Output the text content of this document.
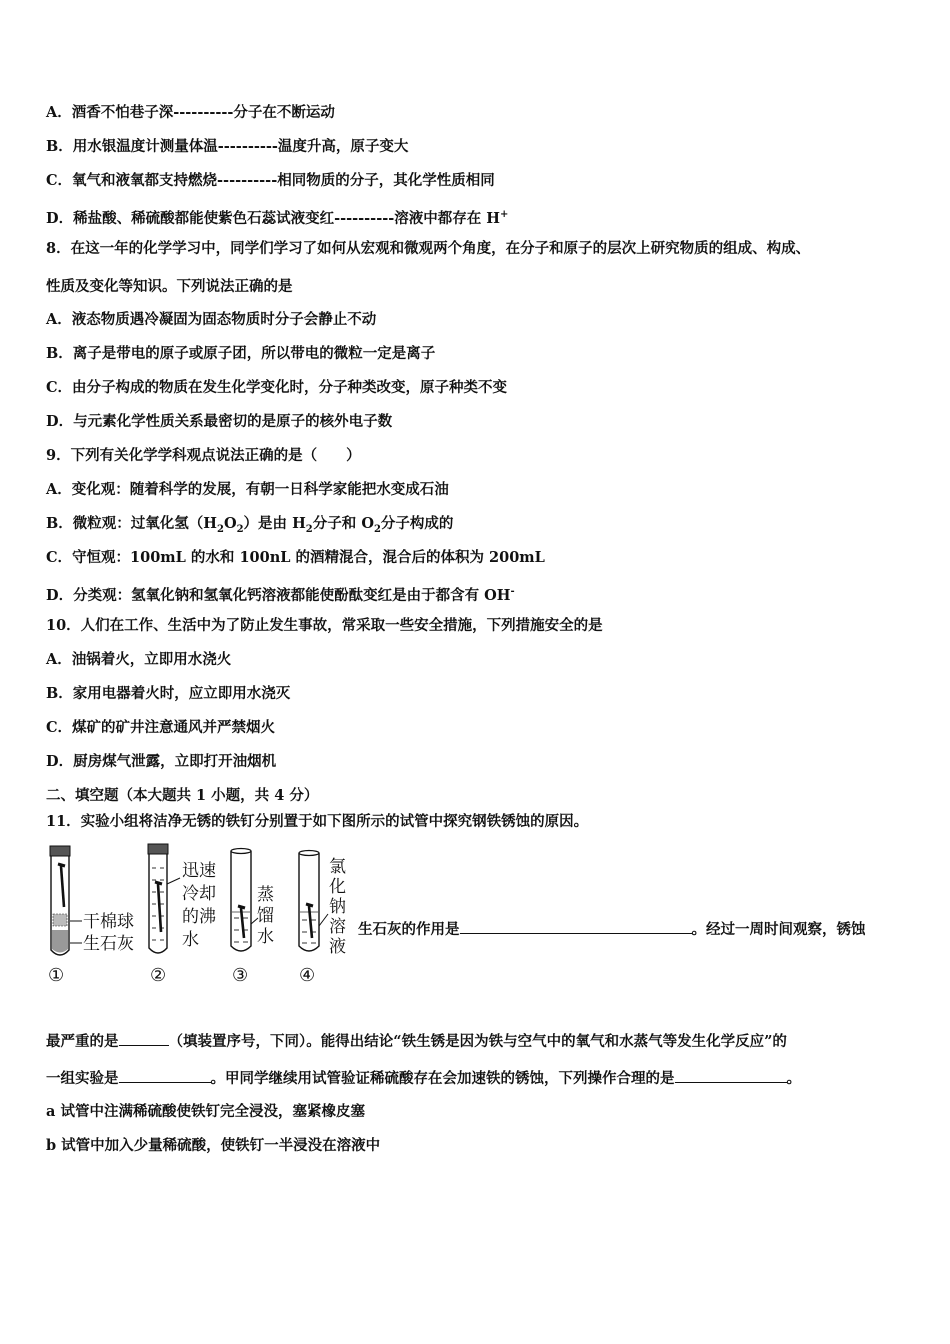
A．酒香不怕巷子深----------分子在不断运动
B．用水银温度计测量体温----------温度升高，原子变大
C．氧气和液氧都支持燃烧----------相同物质的分子，其化学性质相同
D．稀盐酸、稀硫酸都能使紫色石蕊试液变红----------溶液中都存在 H+
8．在这一年的化学学习中，同学们学习了如何从宏观和微观两个角度，在分子和原子的层次上研究物质的组成、构成、
性质及变化等知识。下列说法正确的是
A．液态物质遇冷凝固为固态物质时分子会静止不动
B．离子是带电的原子或原子团，所以带电的微粒一定是离子
C．由分子构成的物质在发生化学变化时，分子种类改变，原子种类不变
D．与元素化学性质关系最密切的是原子的核外电子数
9．下列有关化学学科观点说法正确的是（　　）
A．变化观：随着科学的发展，有朝一日科学家能把水变成石油
B．微粒观：过氧化氢$(H_2O_2)$是由 $H_2$分子和 $O_2$分子构成的
C．守恒观：100mL 的水和 100nL 的酒精混合，混合后的体积为 200mL
D．分类观：氢氧化钠和氢氧化钙溶液都能使酚酞变红是由于都含有 OH-
10．人们在工作、生活中为了防止发生事故，常采取一些安全措施，下列措施安全的是
A．油锅着火，立即用水浇火
B．家用电器着火时，应立即用水浇灭
C．煤矿的矿井注意通风并严禁烟火
D．厨房煤气泄露，立即打开油烟机
二、填空题（本大题共 1 小题，共 4 分）
11．实验小组将洁净无锈的铁钉分别置于如下图所示的试管中探究钢铁锈蚀的原因。
干棉球
生石灰
①
迅速
冷却
的沸
水
②
蒸
馏
水
③
氯
化
钠
溶
液
④
生石灰的作用是	。经过一周时间观察，锈蚀
最严重的是	（填装置序号，下同）。能得出结论“铁生锈是因为铁与空气中的氧气和水蒸气等发生化学反应”的
一组实验是	。甲同学继续用试管验证稀硫酸存在会加速铁的锈蚀，下列操作合理的是	。
a 试管中注满稀硫酸使铁钉完全浸没，塞紧橡皮塞
b 试管中加入少量稀硫酸，使铁钉一半浸没在溶液中
